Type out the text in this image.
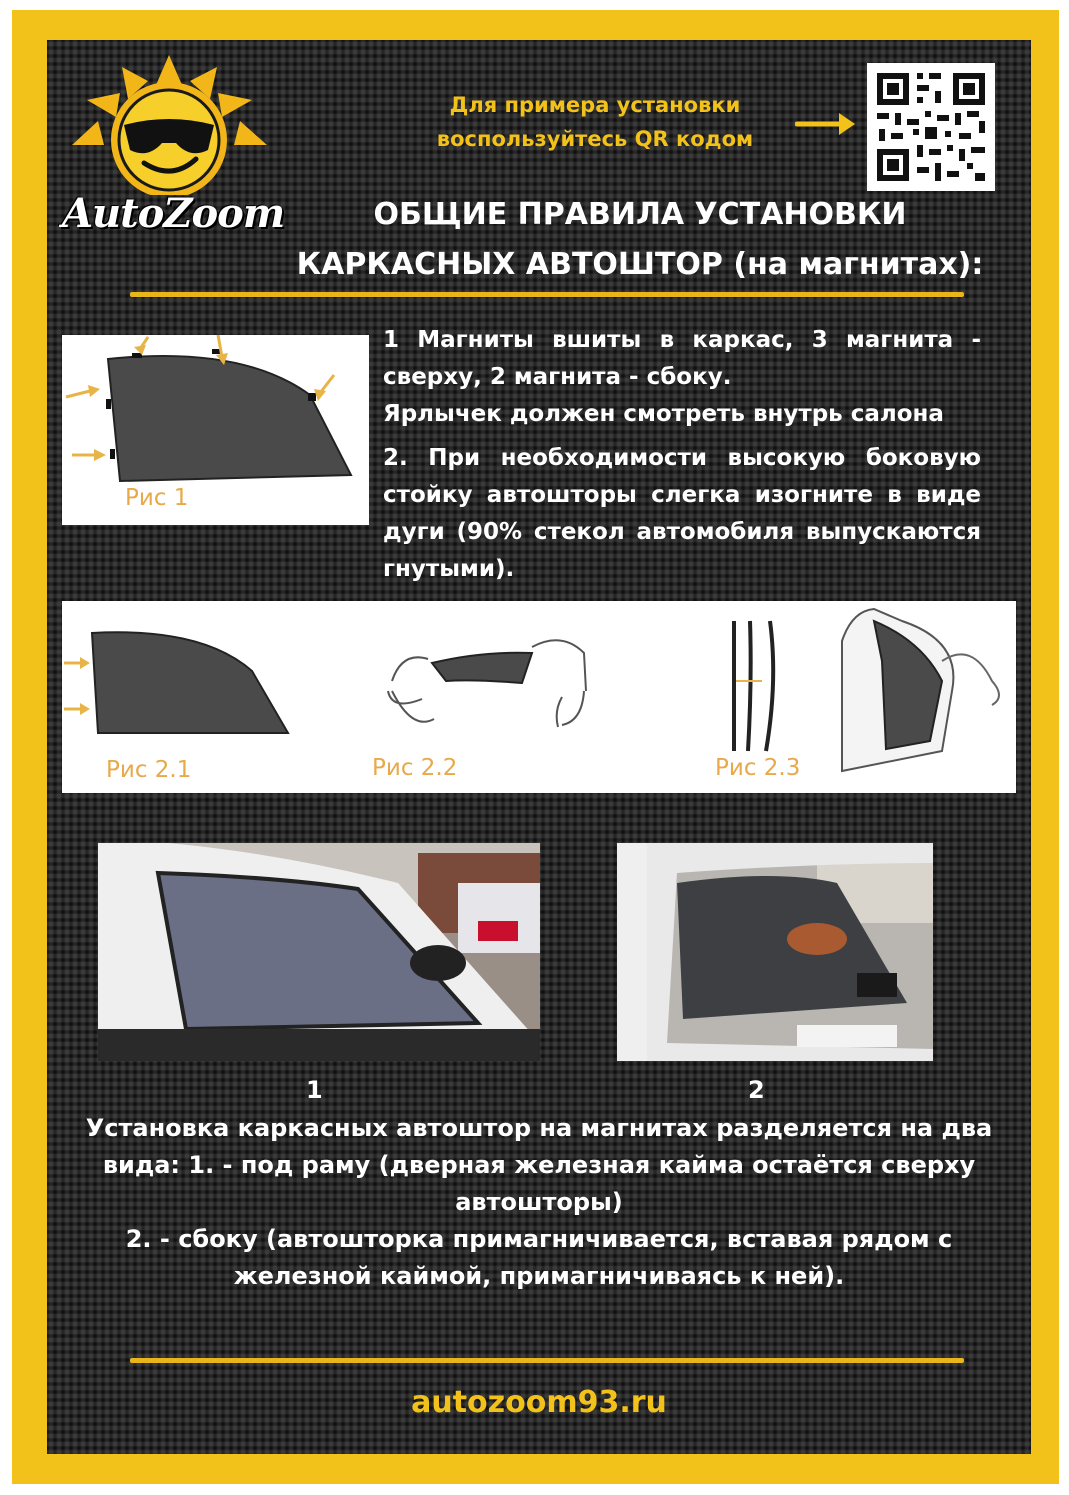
AutoZoom
Для примера установки воспользуйтесь QR кодом
ОБЩИЕ ПРАВИЛА УСТАНОВКИ
КАРКАСНЫХ АВТОШТОР (на магнитах):
Рис 1
1 Магниты вшиты в каркас, 3 магнита - сверху, 2 магнита - сбоку.
Ярлычек должен смотреть внутрь салона
2. При необходимости высокую боковую стойку автошторы слегка изогните в виде дуги (90% стекол автомобиля выпускаются гнутыми).
Рис 2.1	Рис 2.2	Рис 2.3
1	2
Установка каркасных автоштор на магнитах разделяется на два вида: 1. - под раму (дверная железная кайма остаётся сверху автошторы)
2. - сбоку (автошторка примагничивается, вставая рядом с железной каймой, примагничиваясь к ней).
autozoom93.ru
